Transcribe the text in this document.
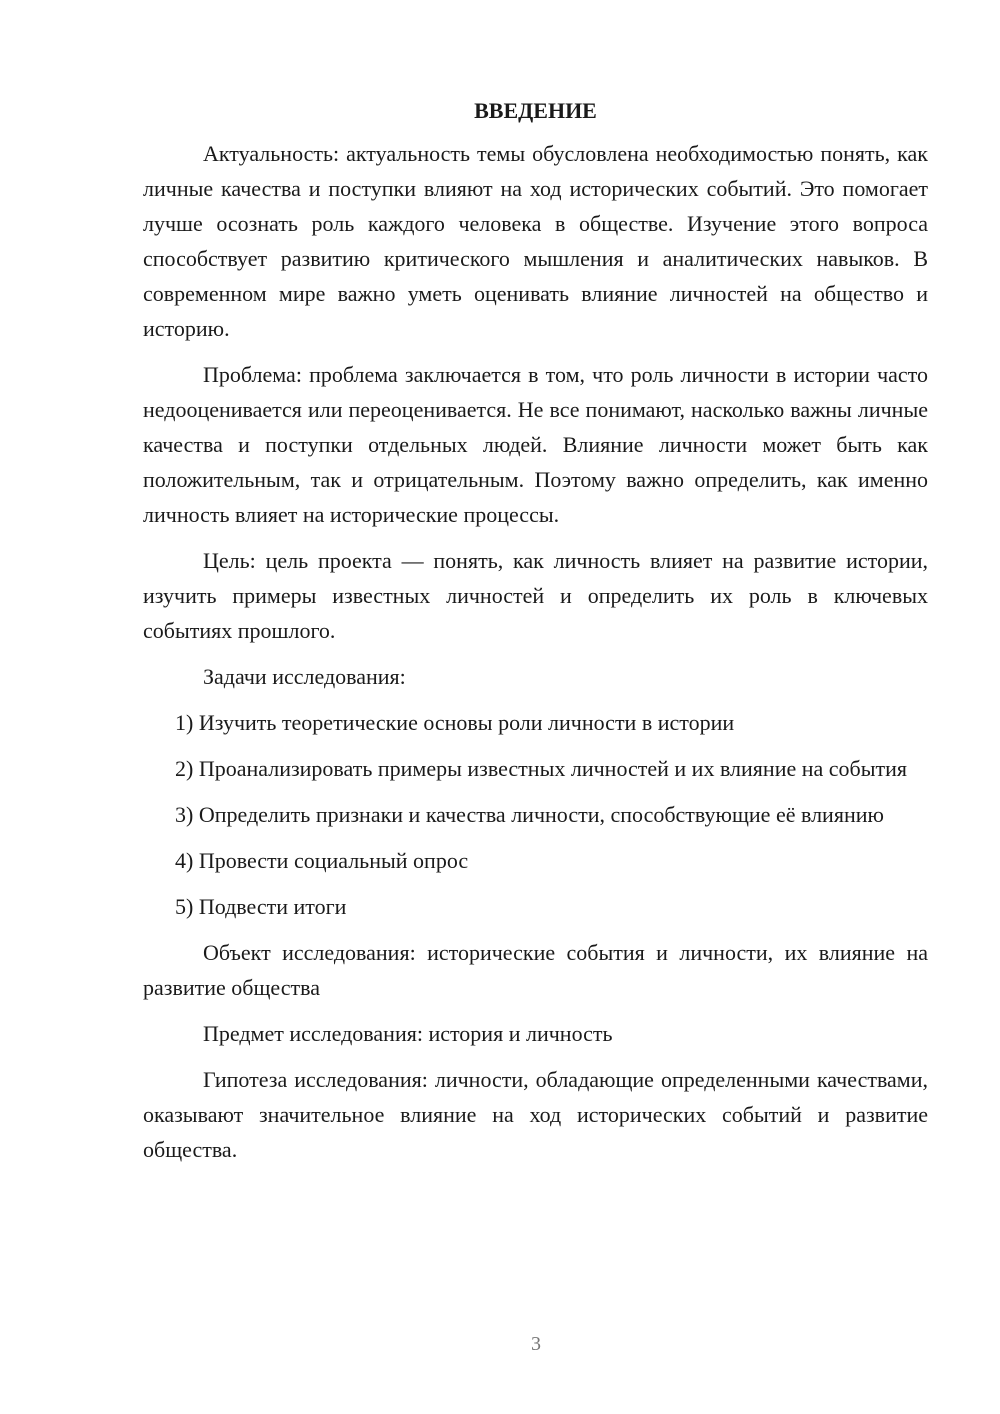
ВВЕДЕНИЕ

Актуальность: актуальность темы обусловлена необходимостью понять, как личные качества и поступки влияют на ход исторических событий. Это помогает лучше осознать роль каждого человека в обществе. Изучение этого вопроса способствует развитию критического мышления и аналитических навыков. В современном мире важно уметь оценивать влияние личностей на общество и историю.

Проблема: проблема заключается в том, что роль личности в истории часто недооценивается или переоценивается. Не все понимают, насколько важны личные качества и поступки отдельных людей. Влияние личности может быть как положительным, так и отрицательным. Поэтому важно определить, как именно личность влияет на исторические процессы.

Цель: цель проекта — понять, как личность влияет на развитие истории, изучить примеры известных личностей и определить их роль в ключевых событиях прошлого.

Задачи исследования:

1) Изучить теоретические основы роли личности в истории

2) Проанализировать примеры известных личностей и их влияние на события

3) Определить признаки и качества личности, способствующие её влиянию

4) Провести социальный опрос

5) Подвести итоги

Объект исследования: исторические события и личности, их влияние на развитие общества

Предмет исследования: история и личность

Гипотеза исследования: личности, обладающие определенными качествами, оказывают значительное влияние на ход исторических событий и развитие общества.

3
